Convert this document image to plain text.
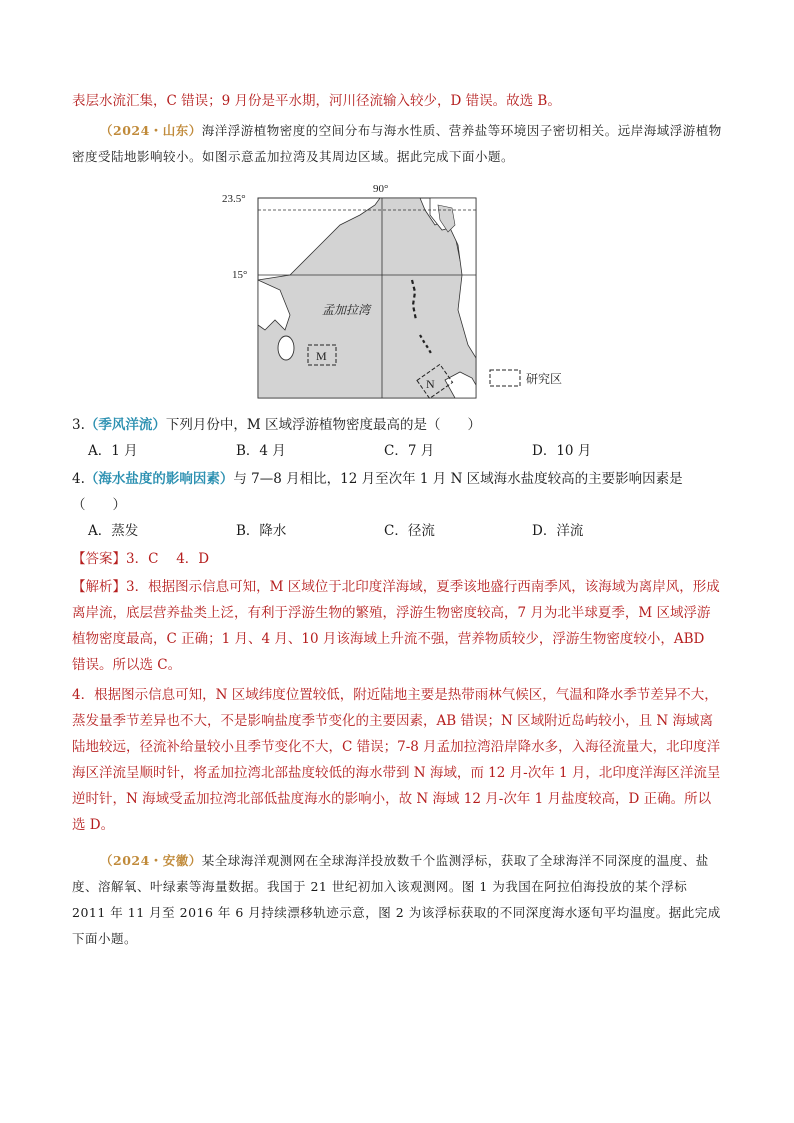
表层水流汇集，C 错误；9 月份是平水期，河川径流输入较少，D 错误。故选 B。

（2024・山东）海洋浮游植物密度的空间分布与海水性质、营养盐等环境因子密切相关。远岸海域浮游植物密度受陆地影响较小。如图示意孟加拉湾及其周边区域。据此完成下面小题。

23.5°
15°
90°
孟加拉湾
M
N	研究区

3.（季风洋流）下列月份中，M 区域浮游植物密度最高的是（　　）

A．1 月	B．4 月	C．7 月	D．10 月

4.（海水盐度的影响因素）与 7—8 月相比，12 月至次年 1 月 N 区域海水盐度较高的主要影响因素是

（　　）

A．蒸发	B．降水	C．径流	D．洋流

【答案】3．C　 4．D

【解析】3．根据图示信息可知，M 区域位于北印度洋海域，夏季该地盛行西南季风，该海域为离岸风，形成离岸流，底层营养盐类上泛，有利于浮游生物的繁殖，浮游生物密度较高，7 月为北半球夏季，M 区域浮游植物密度最高，C 正确；1 月、4 月、10 月该海域上升流不强，营养物质较少，浮游生物密度较小，ABD 错误。所以选 C。

4．根据图示信息可知，N 区域纬度位置较低，附近陆地主要是热带雨林气候区，气温和降水季节差异不大，蒸发量季节差异也不大，不是影响盐度季节变化的主要因素，AB 错误；N 区域附近岛屿较小，且 N 海域离陆地较远，径流补给量较小且季节变化不大，C 错误；7-8 月孟加拉湾沿岸降水多，入海径流量大，北印度洋海区洋流呈顺时针，将孟加拉湾北部盐度较低的海水带到 N 海域，而 12 月-次年 1 月，北印度洋海区洋流呈逆时针，N 海域受孟加拉湾北部低盐度海水的影响小，故 N 海域 12 月-次年 1 月盐度较高，D 正确。所以选 D。

（2024・安徽）某全球海洋观测网在全球海洋投放数千个监测浮标，获取了全球海洋不同深度的温度、盐度、溶解氧、叶绿素等海量数据。我国于 21 世纪初加入该观测网。图 1 为我国在阿拉伯海投放的某个浮标 2011 年 11 月至 2016 年 6 月持续漂移轨迹示意，图 2 为该浮标获取的不同深度海水逐旬平均温度。据此完成下面小题。
